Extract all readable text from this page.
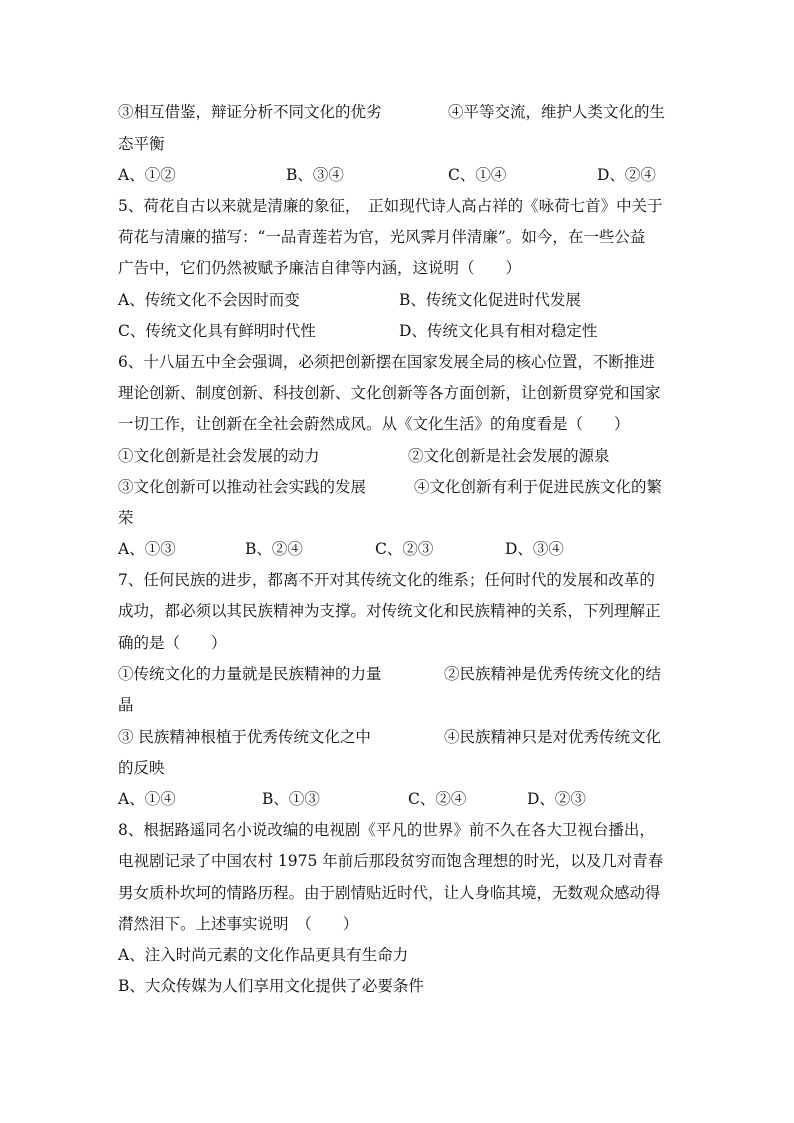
③相互借鉴，辩证分析不同文化的优劣	④平等交流，维护人类文化的生
态平衡
A、①②	B、③④	C、①④	D、②④
5、荷花自古以来就是清廉的象征，　正如现代诗人高占祥的《咏荷七首》中关于
荷花与清廉的描写：“一品青莲若为官，光风霁月伴清廉”。如今，在一些公益
广告中，它们仍然被赋予廉洁自律等内涵，这说明（　　）
A、传统文化不会因时而变	B、传统文化促进时代发展
C、传统文化具有鲜明时代性	D、传统文化具有相对稳定性
6、十八届五中全会强调，必须把创新摆在国家发展全局的核心位置，不断推进
理论创新、制度创新、科技创新、文化创新等各方面创新，让创新贯穿党和国家
一切工作，让创新在全社会蔚然成风。从《文化生活》的角度看是（　　）
①文化创新是社会发展的动力	②文化创新是社会发展的源泉
③文化创新可以推动社会实践的发展	④文化创新有利于促进民族文化的繁
荣
A、①③	B、②④	C、②③	D、③④
7、任何民族的进步，都离不开对其传统文化的维系；任何时代的发展和改革的
成功，都必须以其民族精神为支撑。对传统文化和民族精神的关系，下列理解正
确的是（　　）
①传统文化的力量就是民族精神的力量	②民族精神是优秀传统文化的结
晶
③ 民族精神根植于优秀传统文化之中	④民族精神只是对优秀传统文化
的反映
A、①④	B、①③	C、②④	D、②③
8、根据路遥同名小说改编的电视剧《平凡的世界》前不久在各大卫视台播出，
电视剧记录了中国农村 1975 年前后那段贫穷而饱含理想的时光，以及几对青春
男女质朴坎坷的情路历程。由于剧情贴近时代，让人身临其境，无数观众感动得
潸然泪下。上述事实说明　（　　）
A、注入时尚元素的文化作品更具有生命力
B、大众传媒为人们享用文化提供了必要条件
